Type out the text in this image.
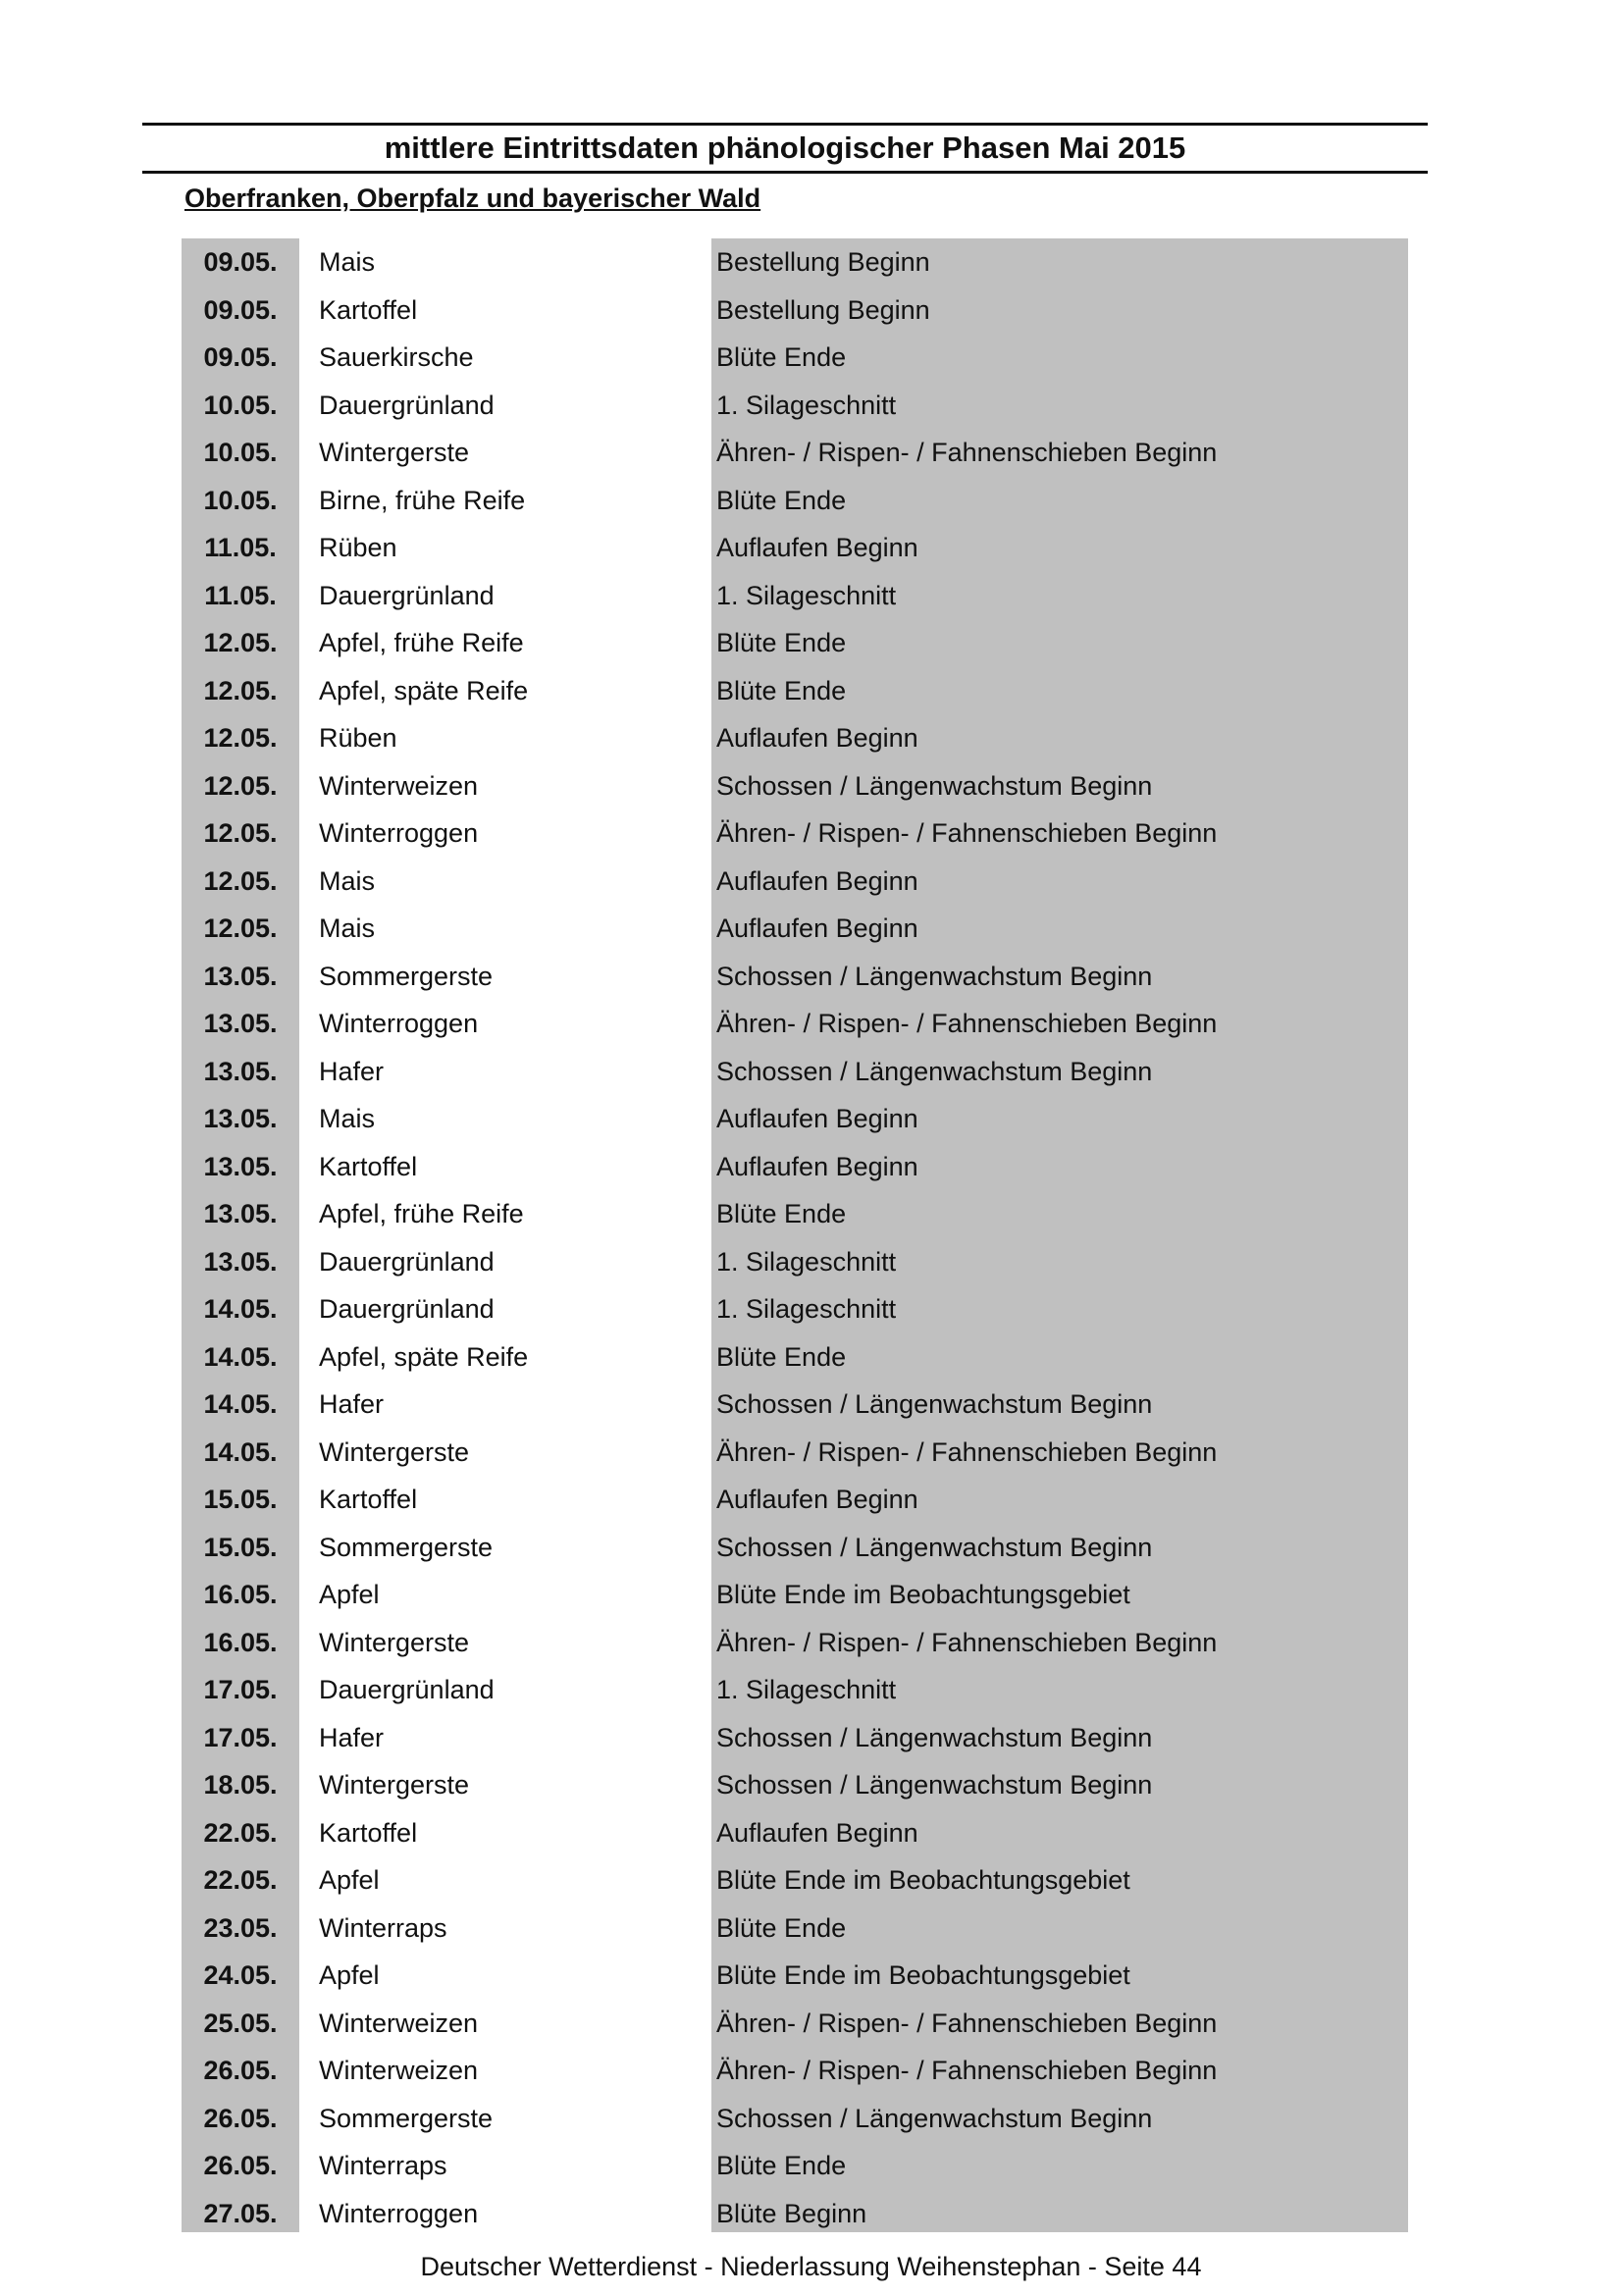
mittlere Eintrittsdaten phänologischer Phasen Mai 2015
Oberfranken, Oberpfalz und bayerischer Wald
09.05.	Mais	Bestellung Beginn
09.05.	Kartoffel	Bestellung Beginn
09.05.	Sauerkirsche	Blüte Ende
10.05.	Dauergrünland	1. Silageschnitt
10.05.	Wintergerste	Ähren- / Rispen- / Fahnenschieben Beginn
10.05.	Birne, frühe Reife	Blüte Ende
11.05.	Rüben	Auflaufen Beginn
11.05.	Dauergrünland	1. Silageschnitt
12.05.	Apfel, frühe Reife	Blüte Ende
12.05.	Apfel, späte Reife	Blüte Ende
12.05.	Rüben	Auflaufen Beginn
12.05.	Winterweizen	Schossen / Längenwachstum Beginn
12.05.	Winterroggen	Ähren- / Rispen- / Fahnenschieben Beginn
12.05.	Mais	Auflaufen Beginn
12.05.	Mais	Auflaufen Beginn
13.05.	Sommergerste	Schossen / Längenwachstum Beginn
13.05.	Winterroggen	Ähren- / Rispen- / Fahnenschieben Beginn
13.05.	Hafer	Schossen / Längenwachstum Beginn
13.05.	Mais	Auflaufen Beginn
13.05.	Kartoffel	Auflaufen Beginn
13.05.	Apfel, frühe Reife	Blüte Ende
13.05.	Dauergrünland	1. Silageschnitt
14.05.	Dauergrünland	1. Silageschnitt
14.05.	Apfel, späte Reife	Blüte Ende
14.05.	Hafer	Schossen / Längenwachstum Beginn
14.05.	Wintergerste	Ähren- / Rispen- / Fahnenschieben Beginn
15.05.	Kartoffel	Auflaufen Beginn
15.05.	Sommergerste	Schossen / Längenwachstum Beginn
16.05.	Apfel	Blüte Ende im Beobachtungsgebiet
16.05.	Wintergerste	Ähren- / Rispen- / Fahnenschieben Beginn
17.05.	Dauergrünland	1. Silageschnitt
17.05.	Hafer	Schossen / Längenwachstum Beginn
18.05.	Wintergerste	Schossen / Längenwachstum Beginn
22.05.	Kartoffel	Auflaufen Beginn
22.05.	Apfel	Blüte Ende im Beobachtungsgebiet
23.05.	Winterraps	Blüte Ende
24.05.	Apfel	Blüte Ende im Beobachtungsgebiet
25.05.	Winterweizen	Ähren- / Rispen- / Fahnenschieben Beginn
26.05.	Winterweizen	Ähren- / Rispen- / Fahnenschieben Beginn
26.05.	Sommergerste	Schossen / Längenwachstum Beginn
26.05.	Winterraps	Blüte Ende
27.05.	Winterroggen	Blüte Beginn
Deutscher Wetterdienst - Niederlassung Weihenstephan - Seite 44
